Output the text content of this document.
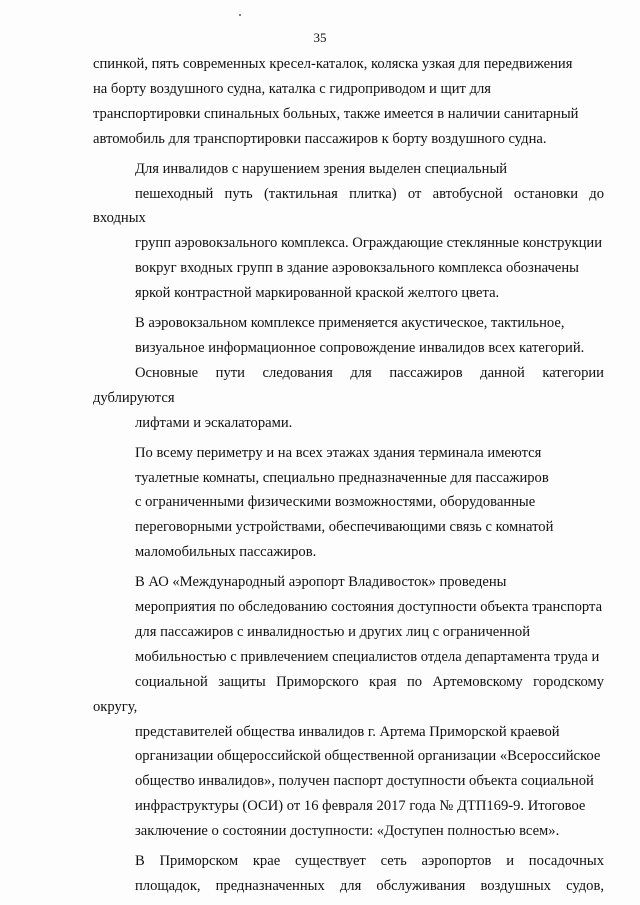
35

спинкой, пять современных кресел-каталок, коляска узкая для передвижения
на борту воздушного судна, каталка с гидроприводом и щит для
транспортировки спинальных больных, также имеется в наличии санитарный
автомобиль для транспортировки пассажиров к борту воздушного судна.

Для инвалидов с нарушением зрения выделен специальный
пешеходный путь (тактильная плитка) от автобусной остановки до входных
групп аэровокзального комплекса. Ограждающие стеклянные конструкции
вокруг входных групп в здание аэровокзального комплекса обозначены
яркой контрастной маркированной краской желтого цвета.

В аэровокзальном комплексе применяется акустическое, тактильное,
визуальное информационное сопровождение инвалидов всех категорий.
Основные пути следования для пассажиров данной категории дублируются
лифтами и эскалаторами.

По всему периметру и на всех этажах здания терминала имеются
туалетные комнаты, специально предназначенные для пассажиров
с ограниченными физическими возможностями, оборудованные
переговорными устройствами, обеспечивающими связь с комнатой
маломобильных пассажиров.

В АО «Международный аэропорт Владивосток» проведены
мероприятия по обследованию состояния доступности объекта транспорта
для пассажиров с инвалидностью и других лиц с ограниченной
мобильностью с привлечением специалистов отдела департамента труда и
социальной защиты Приморского края по Артемовскому городскому округу,
представителей общества инвалидов г. Артема Приморской краевой
организации общероссийской общественной организации «Всероссийское
общество инвалидов», получен паспорт доступности объекта социальной
инфраструктуры (ОСИ) от 16 февраля 2017 года № ДТП169-9. Итоговое
заключение о состоянии доступности: «Доступен полностью всем».

В Приморском крае существует сеть аэропортов и посадочных
площадок, предназначенных для обслуживания воздушных судов,
